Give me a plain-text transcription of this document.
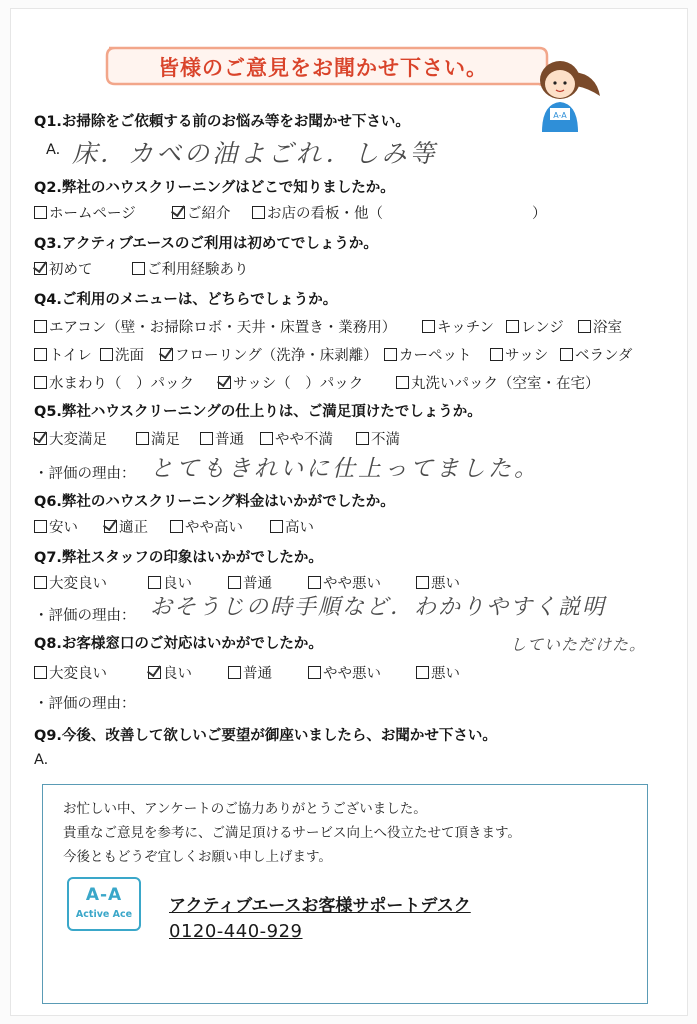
皆様のご意見をお聞かせ下さい。
A-A
Q1.お掃除をご依頼する前のお悩み等をお聞かせ下さい。
A. 床．カベの油よごれ．しみ等
Q2.弊社のハウスクリーニングはどこで知りましたか。
ホームページ	ご紹介	お店の看板・他（	）
Q3.アクティブエースのご利用は初めてでしょうか。
初めて	ご利用経験あり
Q4.ご利用のメニューは、どちらでしょうか。
エアコン（壁・お掃除ロボ・天井・床置き・業務用）	キッチン	レンジ	浴室
トイレ	洗面	フローリング（洗浄・床剥離）	カーペット	サッシ	ベランダ
水まわり（　）パック	サッシ（　）パック	丸洗いパック（空室・在宅）
Q5.弊社ハウスクリーニングの仕上りは、ご満足頂けたでしょうか。
大変満足	満足	普通	やや不満	不満
・評価の理由： とてもきれいに仕上ってました。
Q6.弊社のハウスクリーニング料金はいかがでしたか。
安い	適正	やや高い	高い
Q7.弊社スタッフの印象はいかがでしたか。
大変良い	良い	普通	やや悪い	悪い
・評価の理由： おそうじの時手順など．わかりやすく説明
していただけた。
Q8.お客様窓口のご対応はいかがでしたか。
大変良い	良い	普通	やや悪い	悪い
・評価の理由：
Q9.今後、改善して欲しいご要望が御座いましたら、お聞かせ下さい。
A.
お忙しい中、アンケートのご協力ありがとうございました。
貴重なご意見を参考に、ご満足頂けるサービス向上へ役立たせて頂きます。
今後ともどうぞ宜しくお願い申し上げます。
A-A
Active Ace	アクティブエースお客様サポートデスク
0120-440-929
